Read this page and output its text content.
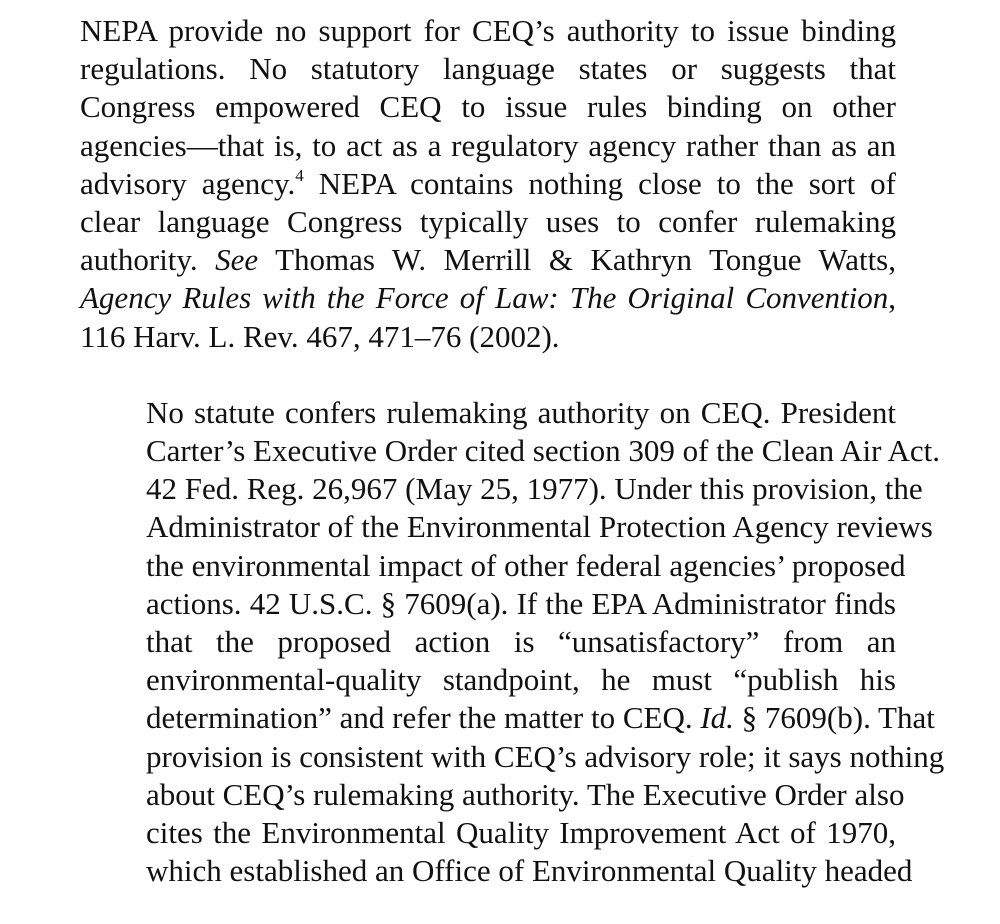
NEPA provide no support for CEQ’s authority to issue binding
regulations. No statutory language states or suggests that
Congress empowered CEQ to issue rules binding on other
agencies—that is, to act as a regulatory agency rather than as an
advisory agency.$^4$ NEPA contains nothing close to the sort of
clear language Congress typically uses to confer rulemaking
authority. See Thomas W. Merrill & Kathryn Tongue Watts,
Agency Rules with the Force of Law: The Original Convention,
116 Harv. L. Rev. 467, 471–76 (2002).

No statute confers rulemaking authority on CEQ. President
Carter’s Executive Order cited section 309 of the Clean Air Act.
42 Fed. Reg. 26,967 (May 25, 1977). Under this provision, the
Administrator of the Environmental Protection Agency reviews
the environmental impact of other federal agencies’ proposed
actions. 42 U.S.C. § 7609(a). If the EPA Administrator finds
that the proposed action is “unsatisfactory” from an
environmental-quality standpoint, he must “publish his
determination” and refer the matter to CEQ. Id. § 7609(b). That
provision is consistent with CEQ’s advisory role; it says nothing
about CEQ’s rulemaking authority. The Executive Order also
cites the Environmental Quality Improvement Act of 1970,
which established an Office of Environmental Quality headed
